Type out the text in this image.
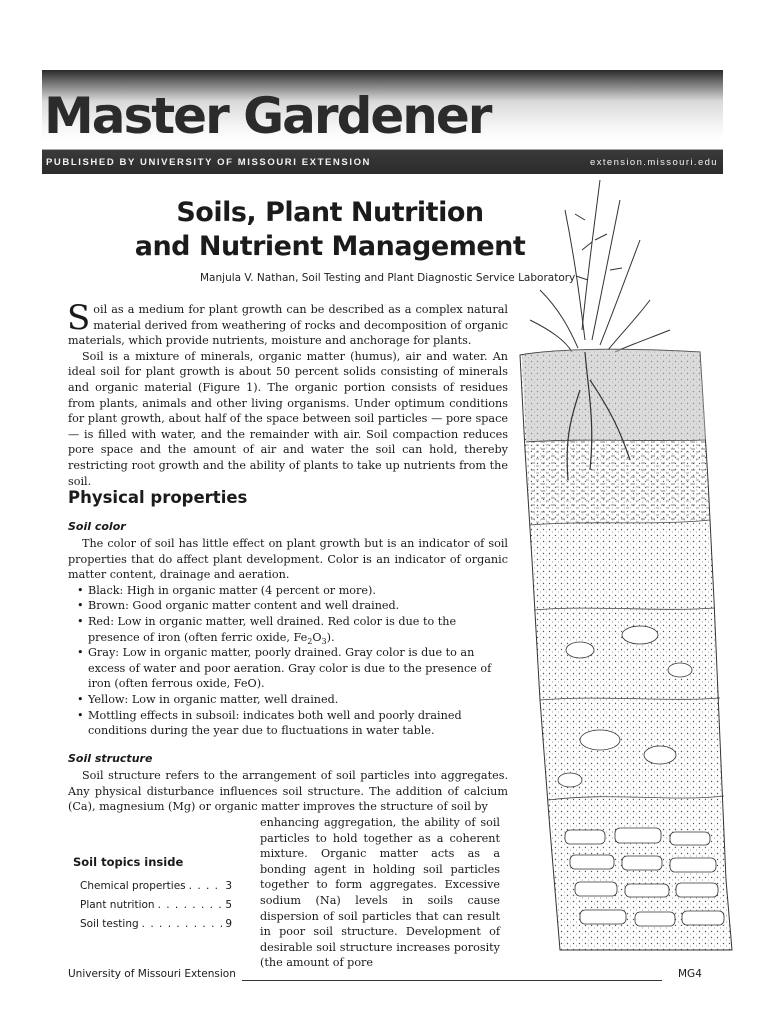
Master Gardener
PUBLISHED BY UNIVERSITY OF MISSOURI EXTENSION	extension.missouri.edu
Soils, Plant Nutrition
and Nutrient Management
Manjula V. Nathan, Soil Testing and Plant Diagnostic Service Laboratory

Soil as a medium for plant growth can be described as a complex natural material derived from weathering of rocks and decomposition of organic materials, which provide nutrients, moisture and anchorage for plants.

Soil is a mixture of minerals, organic matter (humus), air and water. An ideal soil for plant growth is about 50 percent solids consisting of minerals and organic material (Figure 1). The organic portion consists of residues from plants, animals and other living organisms. Under optimum conditions for plant growth, about half of the space between soil particles — pore space — is filled with water, and the remainder with air. Soil compaction reduces pore space and the amount of air and water the soil can hold, thereby restricting root growth and the ability of plants to take up nutrients from the soil.

Physical properties
Soil color

The color of soil has little effect on plant growth but is an indicator of soil properties that do affect plant development. Color is an indicator of organic matter content, drainage and aeration.

• Black: High in organic matter (4 percent or more).
• Brown: Good organic matter content and well drained.
• Red: Low in organic matter, well drained. Red color is due to the presence of iron (often ferric oxide, $Fe_2O_3$).
• Gray: Low in organic matter, poorly drained. Gray color is due to an excess of water and poor aeration. Gray color is due to the presence of iron (often ferrous oxide, FeO).
• Yellow: Low in organic matter, well drained.
• Mottling effects in subsoil: indicates both well and poorly drained conditions during the year due to fluctuations in water table.
Soil structure

Soil structure refers to the arrangement of soil particles into aggregates. Any physical disturbance influences soil structure. The addition of calcium (Ca), magnesium (Mg) or organic matter improves the structure of soil by

enhancing aggregation, the ability of soil particles to hold together as a coherent mixture. Organic matter acts as a bonding agent in holding soil particles together to form aggregates. Excessive sodium (Na) levels in soils cause dispersion of soil particles that can result in poor soil structure. Development of desirable soil structure increases porosity (the amount of pore

Soil topics inside
Chemical properties . . .	3
Plant nutrition . . .	5
Soil testing . . .	9
University of Missouri Extension	MG4
